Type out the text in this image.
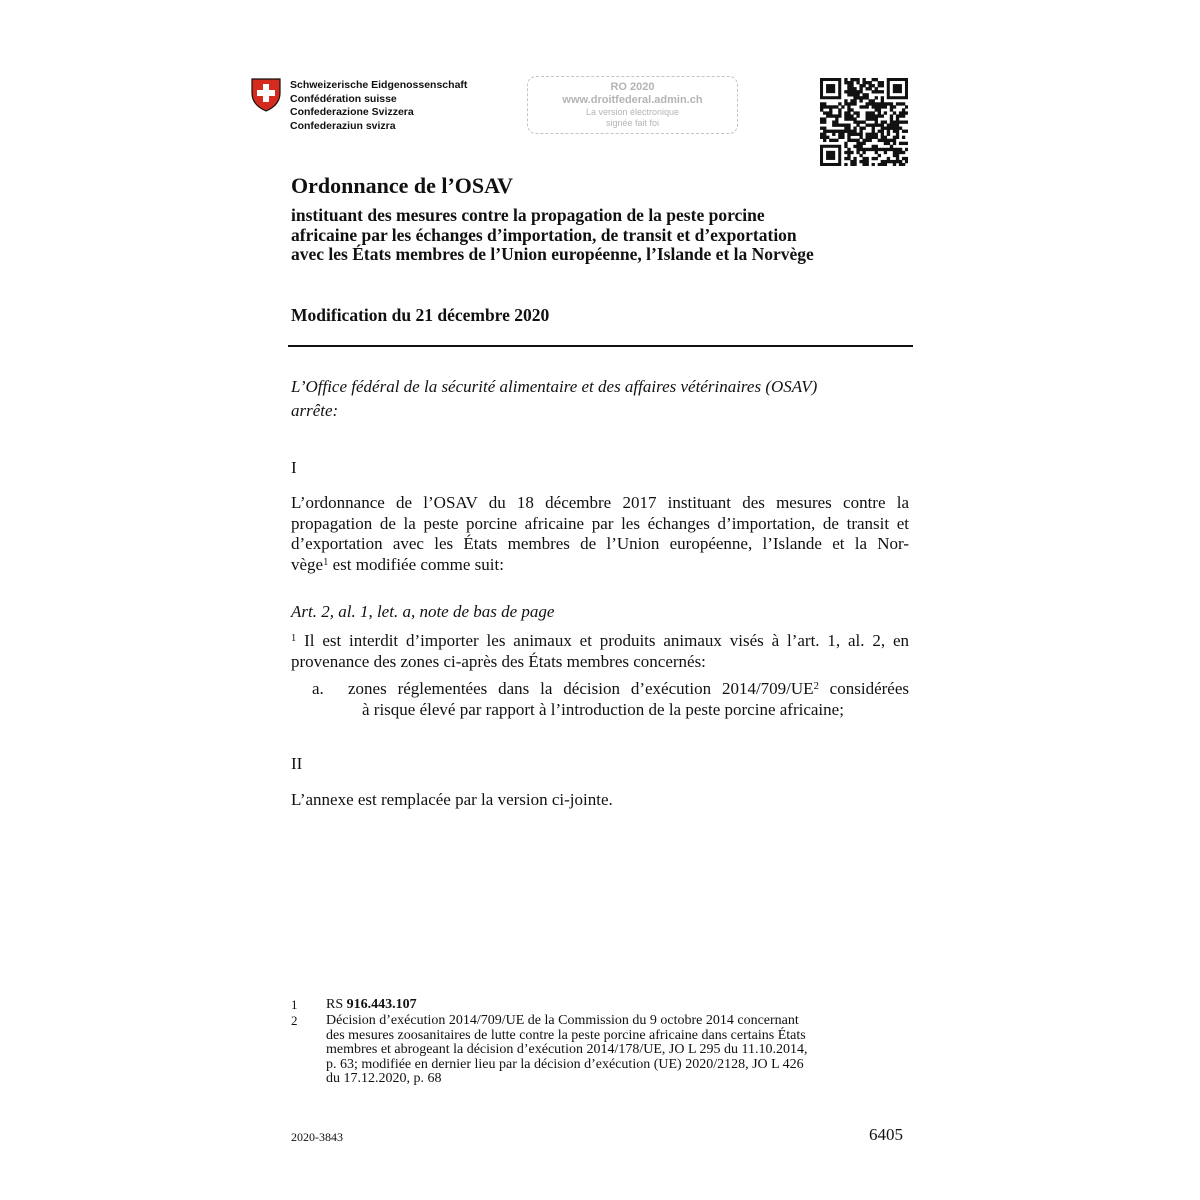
Schweizerische Eidgenossenschaft
Confédération suisse
Confederazione Svizzera
Confederaziun svizra
RO 2020
www.droitfederal.admin.ch
La version électronique
signée fait foi
Ordonnance de l’OSAV
instituant des mesures contre la propagation de la peste porcine
africaine par les échanges d’importation, de transit et d’exportation
avec les États membres de l’Union européenne, l’Islande et la Norvège
Modification du 21 décembre 2020
L’Office fédéral de la sécurité alimentaire et des affaires vétérinaires (OSAV)
arrête:
I
L’ordonnance de l’OSAV du 18 décembre 2017 instituant des mesures contre la
propagation de la peste porcine africaine par les échanges d’importation, de transit et
d’exportation avec les États membres de l’Union européenne, l’Islande et la Nor-
vège$^1$ est modifiée comme suit:
Art. 2, al. 1, let. a, note de bas de page
$^1$ Il est interdit d’importer les animaux et produits animaux visés à l’art. 1, al. 2, en
provenance des zones ci-après des États membres concernés:
a. zones réglementées dans la décision d’exécution $2014/709/UE^2$ considérées
à risque élevé par rapport à l’introduction de la peste porcine africaine;
II
L’annexe est remplacée par la version ci-jointe.
1 RS 916.443.107
2 Décision d’exécution 2014/709/UE de la Commission du 9 octobre 2014 concernant
des mesures zoosanitaires de lutte contre la peste porcine africaine dans certains États
membres et abrogeant la décision d’exécution 2014/178/UE, JO L 295 du 11.10.2014,
p. 63; modifiée en dernier lieu par la décision d’exécution (UE) 2020/2128, JO L 426
du 17.12.2020, p. 68
2020-3843	6405
